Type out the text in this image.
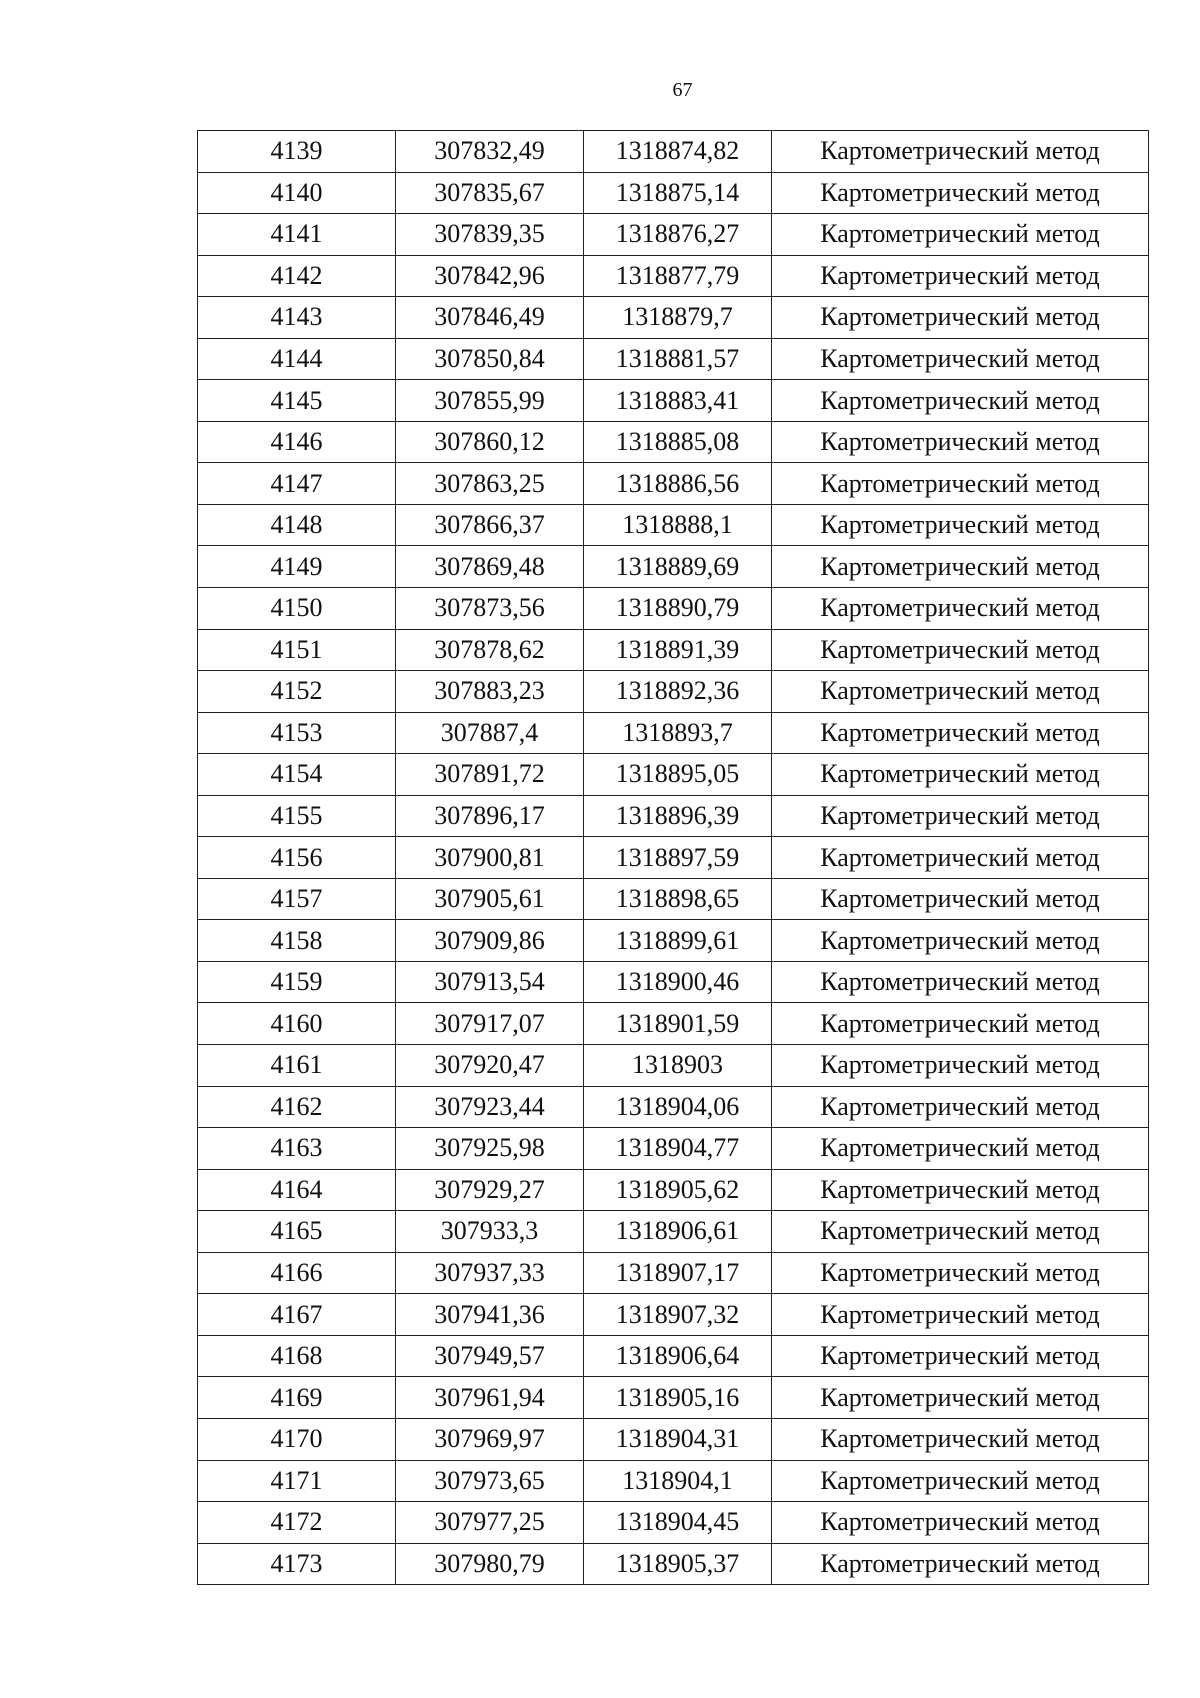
67
4139	307832,49	1318874,82	Картометрический метод
4140	307835,67	1318875,14	Картометрический метод
4141	307839,35	1318876,27	Картометрический метод
4142	307842,96	1318877,79	Картометрический метод
4143	307846,49	1318879,7	Картометрический метод
4144	307850,84	1318881,57	Картометрический метод
4145	307855,99	1318883,41	Картометрический метод
4146	307860,12	1318885,08	Картометрический метод
4147	307863,25	1318886,56	Картометрический метод
4148	307866,37	1318888,1	Картометрический метод
4149	307869,48	1318889,69	Картометрический метод
4150	307873,56	1318890,79	Картометрический метод
4151	307878,62	1318891,39	Картометрический метод
4152	307883,23	1318892,36	Картометрический метод
4153	307887,4	1318893,7	Картометрический метод
4154	307891,72	1318895,05	Картометрический метод
4155	307896,17	1318896,39	Картометрический метод
4156	307900,81	1318897,59	Картометрический метод
4157	307905,61	1318898,65	Картометрический метод
4158	307909,86	1318899,61	Картометрический метод
4159	307913,54	1318900,46	Картометрический метод
4160	307917,07	1318901,59	Картометрический метод
4161	307920,47	1318903	Картометрический метод
4162	307923,44	1318904,06	Картометрический метод
4163	307925,98	1318904,77	Картометрический метод
4164	307929,27	1318905,62	Картометрический метод
4165	307933,3	1318906,61	Картометрический метод
4166	307937,33	1318907,17	Картометрический метод
4167	307941,36	1318907,32	Картометрический метод
4168	307949,57	1318906,64	Картометрический метод
4169	307961,94	1318905,16	Картометрический метод
4170	307969,97	1318904,31	Картометрический метод
4171	307973,65	1318904,1	Картометрический метод
4172	307977,25	1318904,45	Картометрический метод
4173	307980,79	1318905,37	Картометрический метод
